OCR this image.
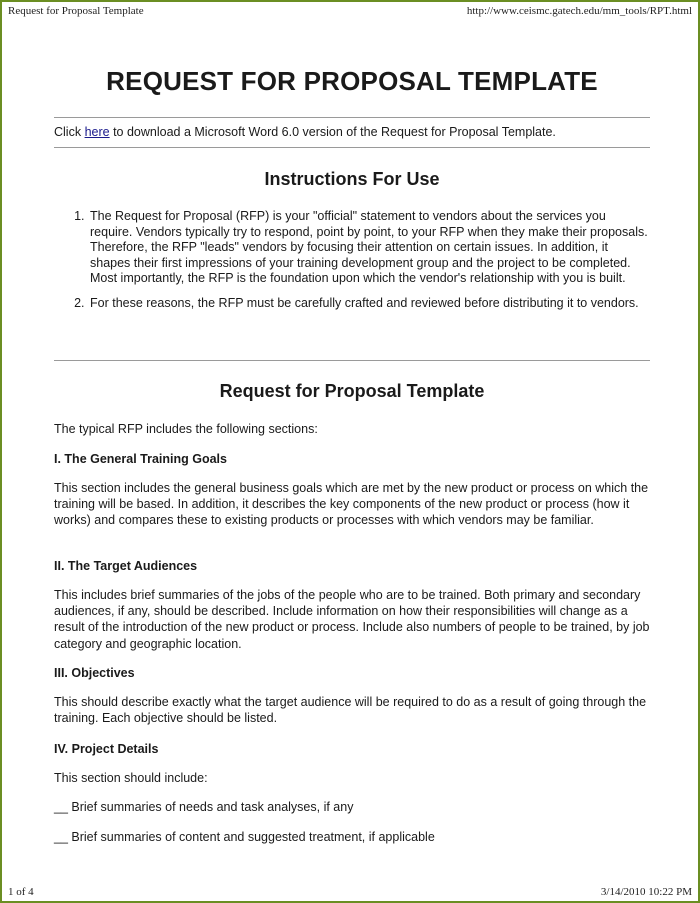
Request for Proposal Template	http://www.ceismc.gatech.edu/mm_tools/RPT.html
REQUEST FOR PROPOSAL TEMPLATE
Click here to download a Microsoft Word 6.0 version of the Request for Proposal Template.
Instructions For Use
1. The Request for Proposal (RFP) is your "official" statement to vendors about the services you require. Vendors typically try to respond, point by point, to your RFP when they make their proposals. Therefore, the RFP "leads" vendors by focusing their attention on certain issues. In addition, it shapes their first impressions of your training development group and the project to be completed. Most importantly, the RFP is the foundation upon which the vendor's relationship with you is built.
2. For these reasons, the RFP must be carefully crafted and reviewed before distributing it to vendors.
Request for Proposal Template

The typical RFP includes the following sections:

I. The General Training Goals

This section includes the general business goals which are met by the new product or process on which the training will be based. In addition, it describes the key components of the new product or process (how it works) and compares these to existing products or processes with which vendors may be familiar.

II. The Target Audiences

This includes brief summaries of the jobs of the people who are to be trained. Both primary and secondary audiences, if any, should be described. Include information on how their responsibilities will change as a result of the introduction of the new product or process. Include also numbers of people to be trained, by job category and geographic location.

III. Objectives

This should describe exactly what the target audience will be required to do as a result of going through the training. Each objective should be listed.

IV. Project Details

This section should include:

__ Brief summaries of needs and task analyses, if any

__ Brief summaries of content and suggested treatment, if applicable

1 of 4	3/14/2010 10:22 PM
